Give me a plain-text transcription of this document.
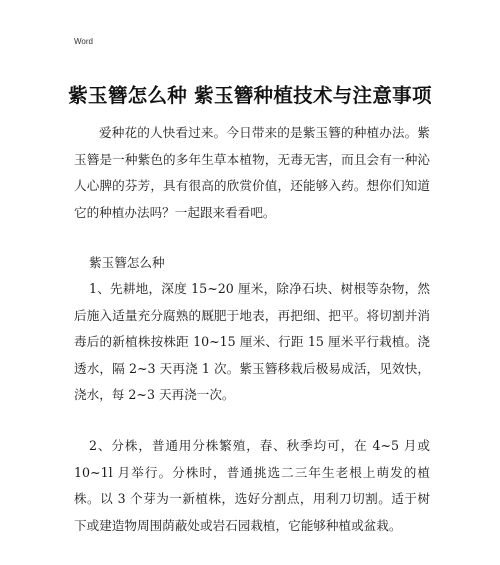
Word
紫玉簪怎么种 紫玉簪种植技术与注意事项

爱种花的人快看过来。今日带来的是紫玉簪的种植办法。紫玉簪是一种紫色的多年生草本植物，无毒无害，而且会有一种沁人心脾的芬芳，具有很高的欣赏价值，还能够入药。想你们知道它的种植办法吗？一起跟来看看吧。

紫玉簪怎么种

1、先耕地，深度 15~20 厘米，除净石块、树根等杂物，然后施入适量充分腐熟的厩肥于地表，再把细、把平。将切割并消毒后的新植株按株距 10~15 厘米、行距 15 厘米平行栽植。浇透水，隔 2~3 天再浇 1 次。紫玉簪移栽后极易成活，见效快，浇水，每 2~3 天再浇一次。

2、分株，普通用分株繁殖，春、秋季均可，在 4~5 月或 10~1l 月举行。分株时，普通挑选二三年生老根上萌发的植株。以 3 个芽为一新植株，选好分割点，用利刀切割。适于树下或建造物周围荫蔽处或岩石园栽植，它能够种植或盆栽。
